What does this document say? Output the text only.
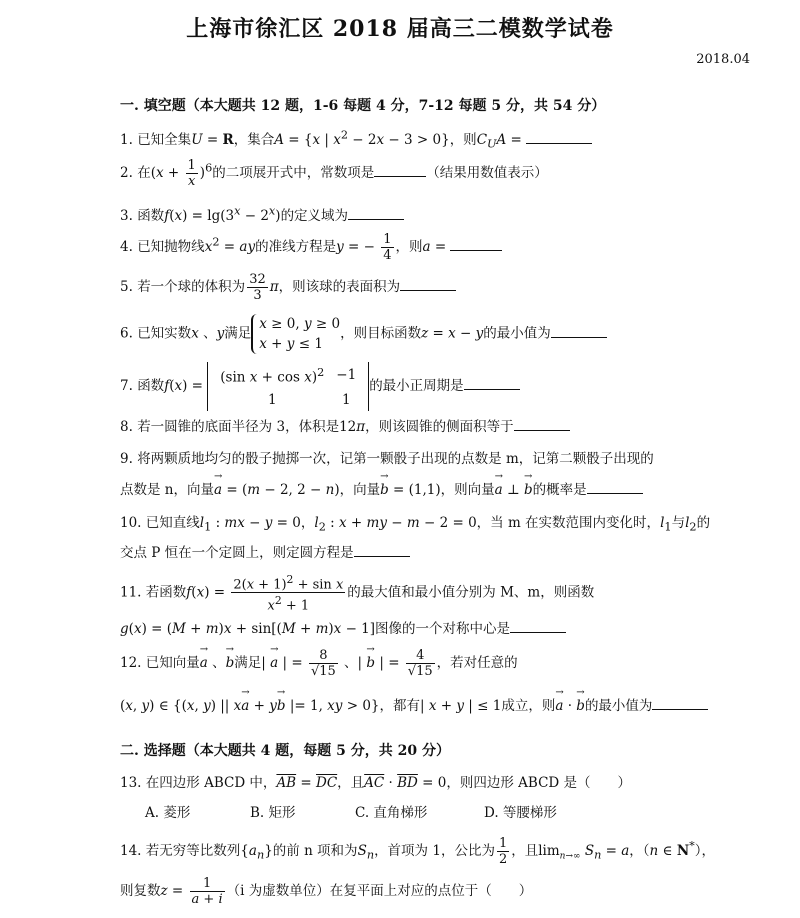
上海市徐汇区 2018 届高三二模数学试卷
2018.04
一. 填空题（本大题共 12 题，1-6 每题 4 分，7-12 每题 5 分，共 54 分）
1. 已知全集U = R，集合A = {x | $x^2 - 2x - 3 > 0$}，则$C_UA$ =
2. 在$(x + \frac{1}{x} )^6$的二项展开式中，常数项是	（结果用数值表示）
3. 函数$f(x) = \lg(3^x - 2^x)$的定义域为
4. 已知抛物线$x^2$ = ay的准线方程是y = − $\frac{1}{4}$ ，则a =
5. 若一个球的体积为 $\frac{32}{3}$ π，则该球的表面积为
6. 已知实数x 、y满足x ≥ 0, y ≥ 0
x + y ≤ 1，则目标函数z = x − y的最小值为
7. 函数f(x) =
(sin x + cos x)$^2$	−1
1	1
的最小正周期是
8. 若一圆锥的底面半径为 3，体积是12π，则该圆锥的侧面积等于
9. 将两颗质地均匀的骰子抛掷一次，记第一颗骰子出现的点数是 m，记第二颗骰子出现的
点数是 n，向量→ a = (m − 2, 2 − n)，向量→ b = (1,1)，则向量→ a ⊥ → b的概率是
10. 已知直线$l_1$ : mx − y = 0，$l_2$ : x + my − m − 2 = 0，当 m 在实数范围内变化时，$l_1$与$l_2$的
交点 P 恒在一个定圆上，则定圆方程是
11. 若函数$f(x) = \frac{2(x + 1)^2 + \sin x}{x^2 + 1}$ 的最大值和最小值分别为 M、m，则函数
g(x) = (M + m)x + sin[(M + m)x − 1]图像的一个对称中心是
12. 已知向量→ a 、→ b满足| → a | = $\frac{8}{√15}$ 、| → b | = $\frac{4}{√15}$ ，若对任意的
(x, y) ∈ {(x, y) || x→ a + y→ b |= 1, xy > 0}，都有| x + y | ≤ 1成立，则→ a · → b的最小值为
二. 选择题（本大题共 4 题，每题 5 分，共 20 分）
13. 在四边形 ABCD 中，$\overline{AB} = \overline{DC}$，且$\overline{AC} \cdot \overline{BD} = 0$，则四边形 ABCD 是（　　）
A. 菱形	B. 矩形	C. 直角梯形	D. 等腰梯形
14. 若无穷等比数列$\{a_n\}$的前 n 项和为$S_n$，首项为 1，公比为 $\frac{1}{2}$ ，且$\lim_{n\to\infty} S_n = a$，（n ∈ N*），
则复数$z = \frac{1}{a + i} (i$ 为虚数单位）在复平面上对应的点位于（　　）
